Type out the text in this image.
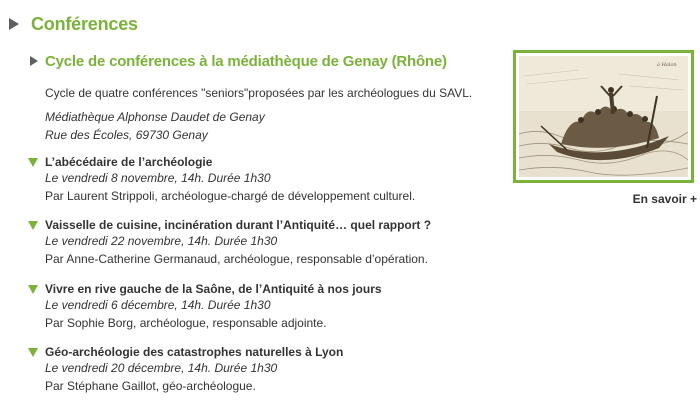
Conférences
Cycle de conférences à la médiathèque de Genay (Rhône)
Cycle de quatre conférences "seniors"proposées par les archéologues du SAVL.
Médiathèque Alphonse Daudet de Genay
Rue des Écoles, 69730 Genay
L’abécédaire de l’archéologie
Le vendredi 8 novembre, 14h. Durée 1h30
Par Laurent Strippoli, archéologue-chargé de développement culturel.
Vaisselle de cuisine, incinération durant l’Antiquité… quel rapport ?
Le vendredi 22 novembre, 14h. Durée 1h30
Par Anne-Catherine Germanaud, archéologue, responsable d’opération.
Vivre en rive gauche de la Saône, de l’Antiquité à nos jours
Le vendredi 6 décembre, 14h. Durée 1h30
Par Sophie Borg, archéologue, responsable adjointe.
Géo-archéologie des catastrophes naturelles à Lyon
Le vendredi 20 décembre, 14h. Durée 1h30
Par Stéphane Gaillot, géo-archéologue.
à Halon
En savoir +
